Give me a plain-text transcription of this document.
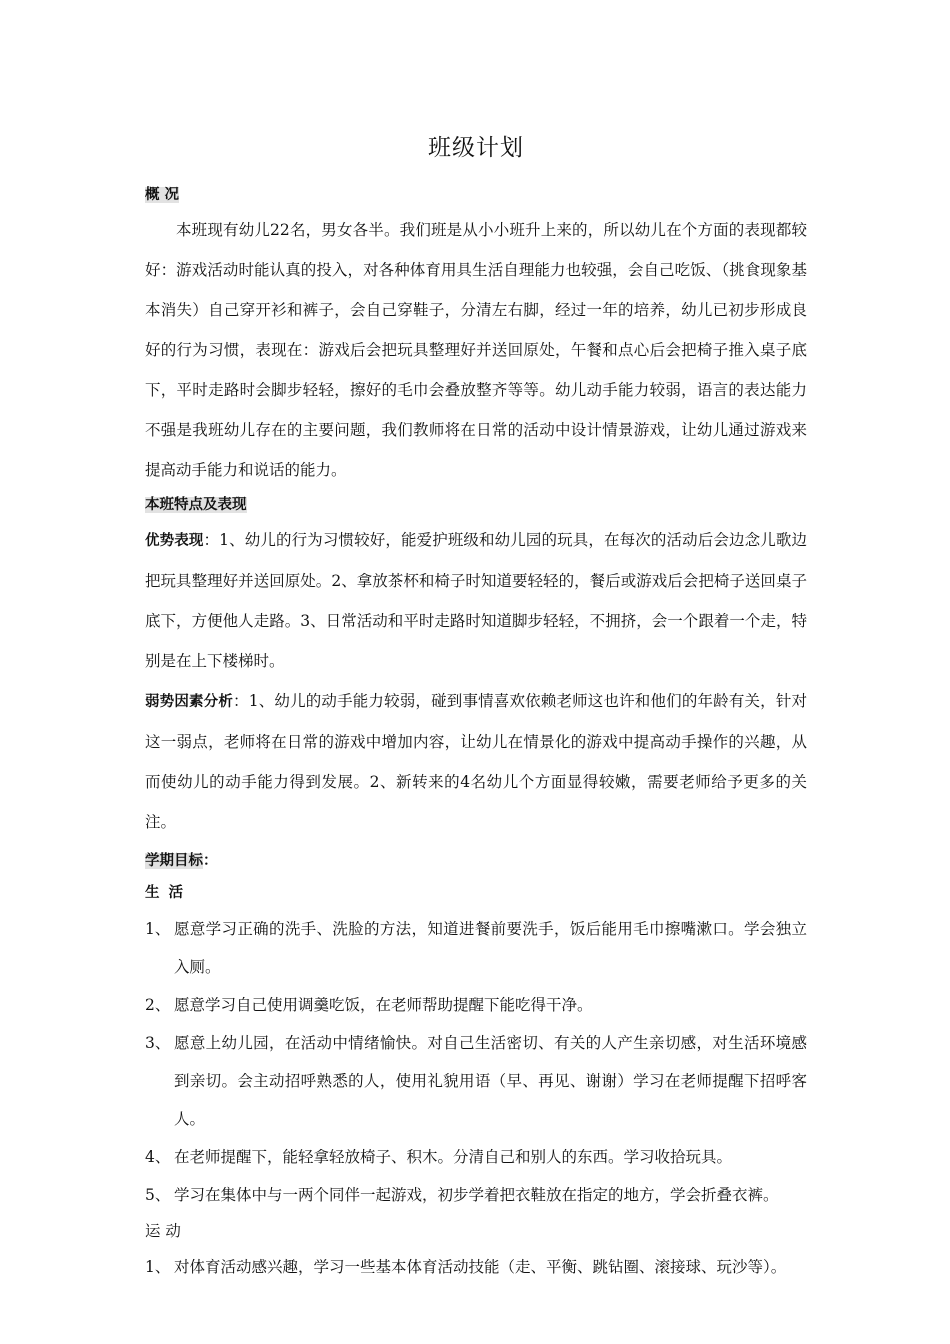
班级计划
概 况

本班现有幼儿22名，男女各半。我们班是从小小班升上来的，所以幼儿在个方面的表现都较好：游戏活动时能认真的投入，对各种体育用具生活自理能力也较强，会自己吃饭、（挑食现象基本消失）自己穿开衫和裤子，会自己穿鞋子，分清左右脚，经过一年的培养，幼儿已初步形成良好的行为习惯，表现在：游戏后会把玩具整理好并送回原处，午餐和点心后会把椅子推入桌子底下，平时走路时会脚步轻轻，擦好的毛巾会叠放整齐等等。幼儿动手能力较弱，语言的表达能力不强是我班幼儿存在的主要问题，我们教师将在日常的活动中设计情景游戏，让幼儿通过游戏来提高动手能力和说话的能力。

本班特点及表现

优势表现：1、幼儿的行为习惯较好，能爱护班级和幼儿园的玩具，在每次的活动后会边念儿歌边把玩具整理好并送回原处。2、拿放茶杯和椅子时知道要轻轻的，餐后或游戏后会把椅子送回桌子底下，方便他人走路。3、日常活动和平时走路时知道脚步轻轻，不拥挤，会一个跟着一个走，特别是在上下楼梯时。

弱势因素分析：1、幼儿的动手能力较弱，碰到事情喜欢依赖老师这也许和他们的年龄有关，针对这一弱点，老师将在日常的游戏中增加内容，让幼儿在情景化的游戏中提高动手操作的兴趣，从而使幼儿的动手能力得到发展。2、新转来的4名幼儿个方面显得较嫩，需要老师给予更多的关注。

学期目标：
生 活
1、 愿意学习正确的洗手、洗脸的方法，知道进餐前要洗手，饭后能用毛巾擦嘴漱口。学会独立入厕。
2、 愿意学习自己使用调羹吃饭，在老师帮助提醒下能吃得干净。
3、 愿意上幼儿园，在活动中情绪愉快。对自己生活密切、有关的人产生亲切感，对生活环境感到亲切。会主动招呼熟悉的人，使用礼貌用语（早、再见、谢谢）学习在老师提醒下招呼客人。
4、 在老师提醒下，能轻拿轻放椅子、积木。分清自己和别人的东西。学习收拾玩具。
5、 学习在集体中与一两个同伴一起游戏，初步学着把衣鞋放在指定的地方，学会折叠衣裤。
运 动
1、 对体育活动感兴趣，学习一些基本体育活动技能（走、平衡、跳钻圈、滚接球、玩沙等）。
